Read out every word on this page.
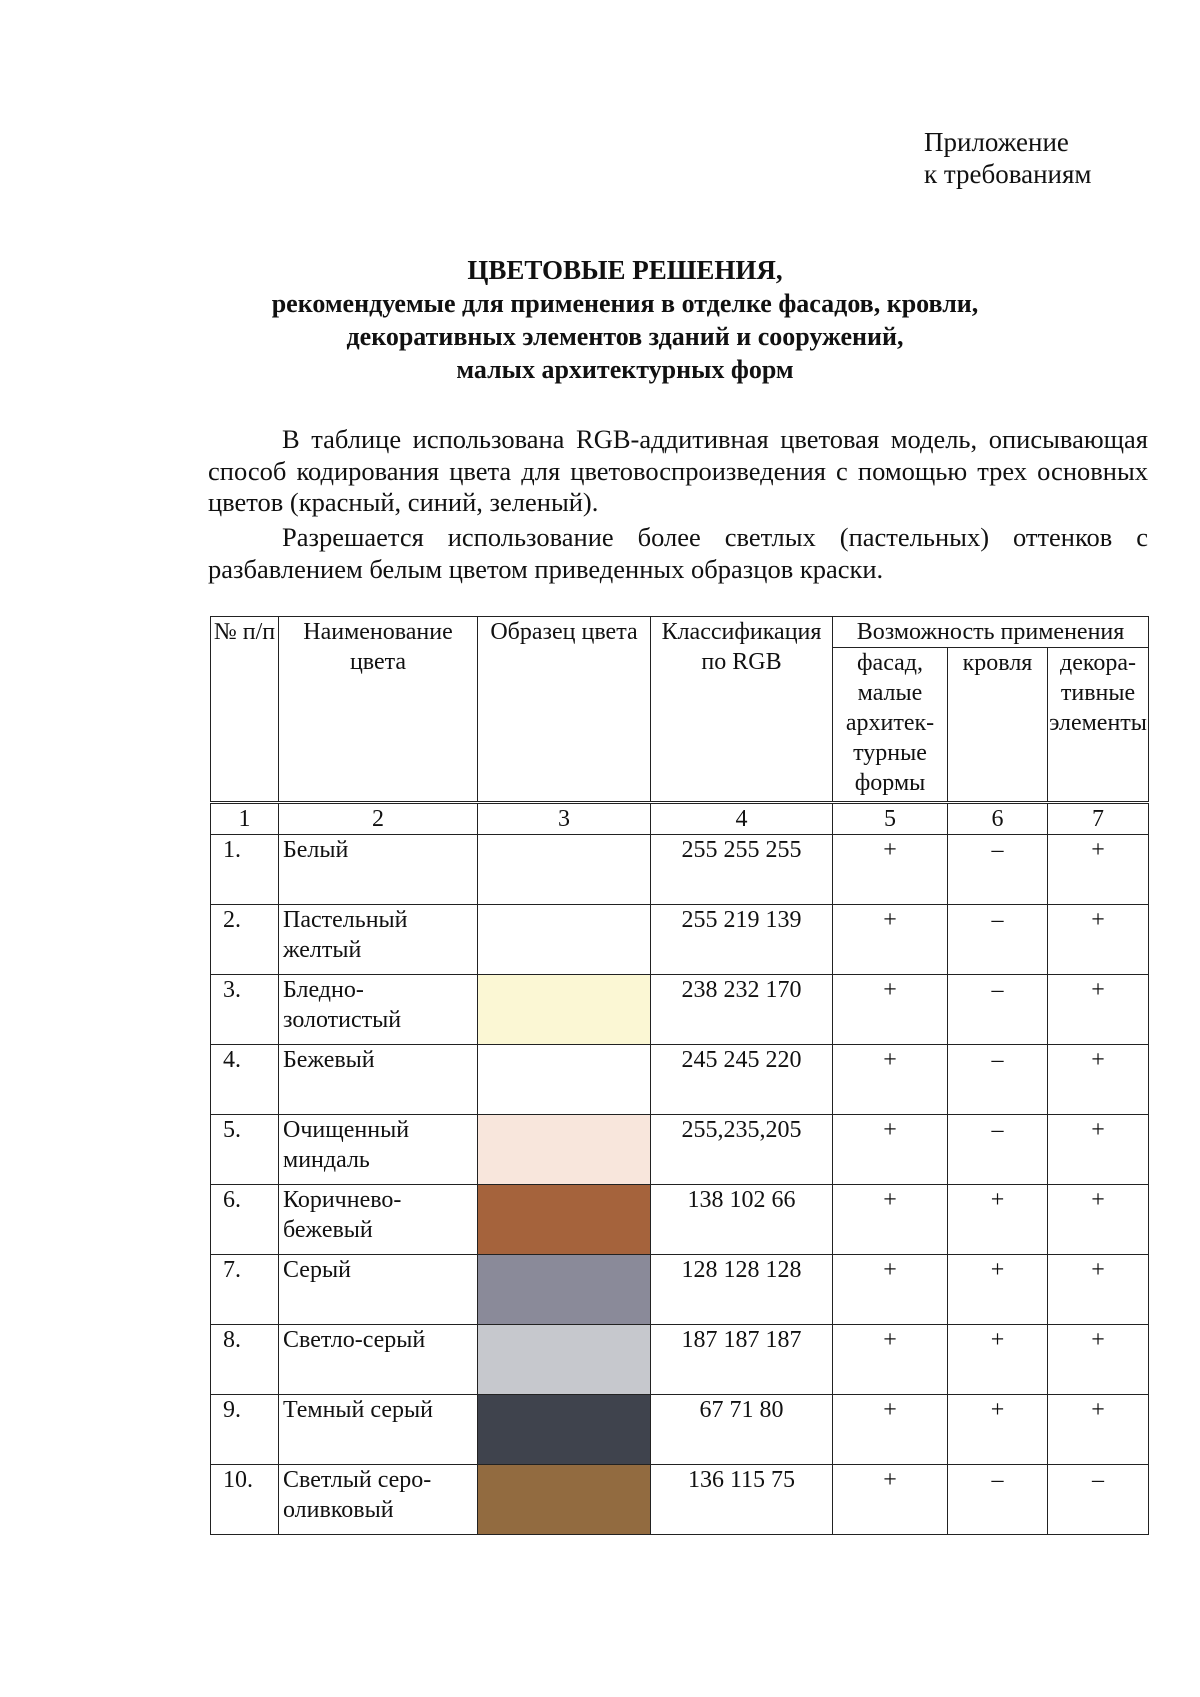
Приложение
к требованиям
ЦВЕТОВЫЕ РЕШЕНИЯ,
рекомендуемые для применения в отделке фасадов, кровли,
декоративных элементов зданий и сооружений,
малых архитектурных форм

В таблице использована RGB-аддитивная цветовая модель, описывающая способ кодирования цвета для цветовоспроизведения с помощью трех основных цветов (красный, синий, зеленый).

Разрешается использование более светлых (пастельных) оттенков с разбавлением белым цветом приведенных образцов краски.

№ п/п	Наименование цвета	Образец цвета	Классификация по RGB	Возможность применения		
				фасад, малые архитектурные формы	кровля	декоративные элементы
1	2	3	4	5	6	7
1.	Белый		255 255 255	+	–	+
2.	Пастельный желтый		255 219 139	+	–	+
3.	Бледно-золотистый		238 232 170	+	–	+
4.	Бежевый		245 245 220	+	–	+
5.	Очищенный миндаль		255,235,205	+	–	+
6.	Коричнево-бежевый		138 102 66	+	+	+
7.	Серый		128 128 128	+	+	+
8.	Светло-серый		187 187 187	+	+	+
9.	Темный серый		67 71 80	+	+	+
10.	Светлый серо-оливковый		136 115 75	+	–	–
